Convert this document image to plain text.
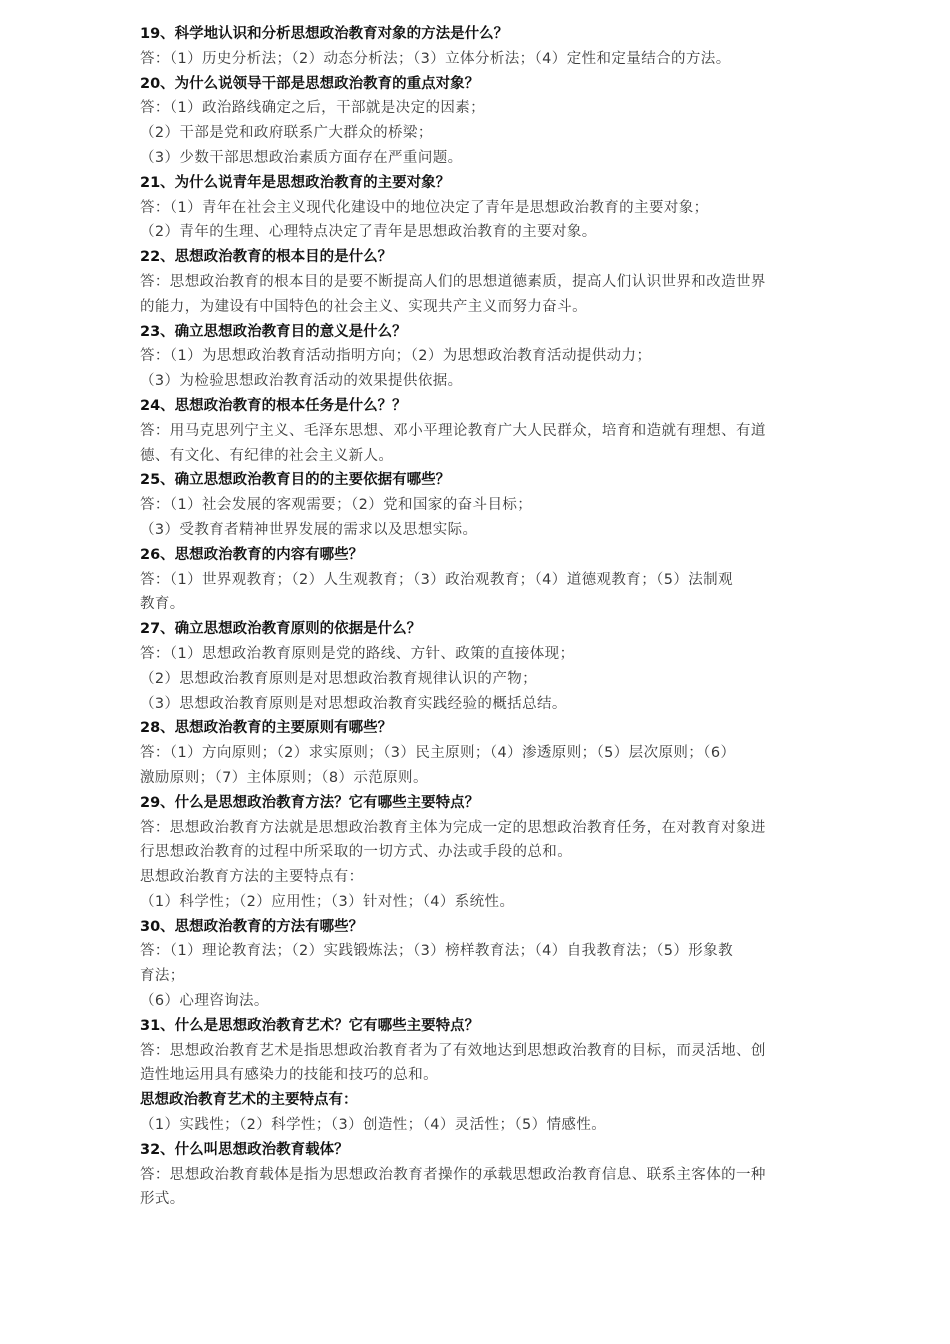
19、科学地认识和分析思想政治教育对象的方法是什么？
答：（1）历史分析法；（2）动态分析法；（3）立体分析法；（4）定性和定量结合的方法。
20、为什么说领导干部是思想政治教育的重点对象？
答：（1）政治路线确定之后，干部就是决定的因素；
（2）干部是党和政府联系广大群众的桥梁；
（3）少数干部思想政治素质方面存在严重问题。
21、为什么说青年是思想政治教育的主要对象？
答：（1）青年在社会主义现代化建设中的地位决定了青年是思想政治教育的主要对象；
（2）青年的生理、心理特点决定了青年是思想政治教育的主要对象。
22、思想政治教育的根本目的是什么？
答：思想政治教育的根本目的是要不断提高人们的思想道德素质，提高人们认识世界和改造世界
的能力，为建设有中国特色的社会主义、实现共产主义而努力奋斗。
23、确立思想政治教育目的意义是什么？
答：（1）为思想政治教育活动指明方向；（2）为思想政治教育活动提供动力；
（3）为检验思想政治教育活动的效果提供依据。
24、思想政治教育的根本任务是什么？？
答：用马克思列宁主义、毛泽东思想、邓小平理论教育广大人民群众，培育和造就有理想、有道
德、有文化、有纪律的社会主义新人。
25、确立思想政治教育目的的主要依据有哪些？
答：（1）社会发展的客观需要；（2）党和国家的奋斗目标；
（3）受教育者精神世界发展的需求以及思想实际。
26、思想政治教育的内容有哪些？
答：（1）世界观教育；（2）人生观教育；（3）政治观教育；（4）道德观教育；（5）法制观
教育。
27、确立思想政治教育原则的依据是什么？
答：（1）思想政治教育原则是党的路线、方针、政策的直接体现；
（2）思想政治教育原则是对思想政治教育规律认识的产物；
（3）思想政治教育原则是对思想政治教育实践经验的概括总结。
28、思想政治教育的主要原则有哪些？
答：（1）方向原则；（2）求实原则；（3）民主原则；（4）渗透原则；（5）层次原则；（6）
激励原则；（7）主体原则；（8）示范原则。
29、什么是思想政治教育方法？它有哪些主要特点？
答：思想政治教育方法就是思想政治教育主体为完成一定的思想政治教育任务，在对教育对象进
行思想政治教育的过程中所采取的一切方式、办法或手段的总和。
思想政治教育方法的主要特点有：
（1）科学性；（2）应用性；（3）针对性；（4）系统性。
30、思想政治教育的方法有哪些？
答：（1）理论教育法；（2）实践锻炼法；（3）榜样教育法；（4）自我教育法；（5）形象教
育法；
（6）心理咨询法。
31、什么是思想政治教育艺术？它有哪些主要特点？
答：思想政治教育艺术是指思想政治教育者为了有效地达到思想政治教育的目标，而灵活地、创
造性地运用具有感染力的技能和技巧的总和。
思想政治教育艺术的主要特点有：
（1）实践性；（2）科学性；（3）创造性；（4）灵活性；（5）情感性。
32、什么叫思想政治教育载体？
答：思想政治教育载体是指为思想政治教育者操作的承载思想政治教育信息、联系主客体的一种
形式。
